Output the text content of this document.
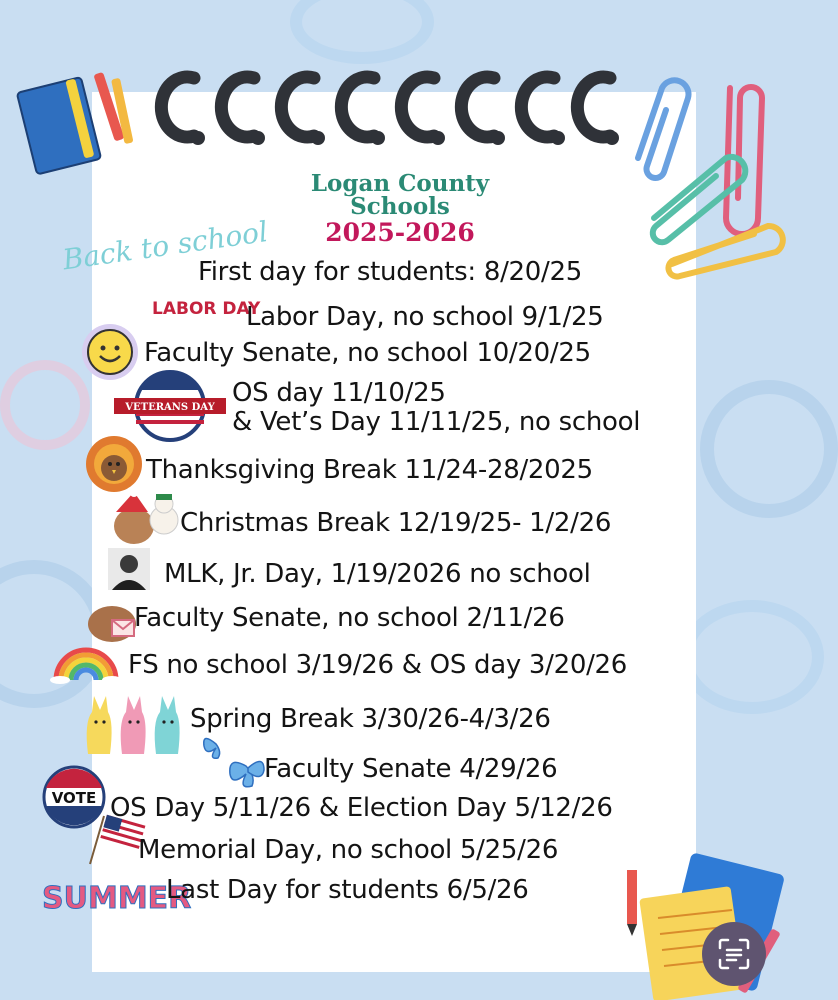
Logan County
Schools
2025-2026
Back to school
LABOR DAY
VETERANS DAY
VOTE
SUMMER
First day for students: 8/20/25
Labor Day, no school 9/1/25
Faculty Senate, no school 10/20/25
OS day 11/10/25
& Vet’s Day 11/11/25, no school
Thanksgiving Break 11/24-28/2025
Christmas Break 12/19/25- 1/2/26
MLK, Jr. Day, 1/19/2026 no school
Faculty Senate, no school 2/11/26
FS no school 3/19/26 & OS day 3/20/26
Spring Break 3/30/26-4/3/26
Faculty Senate 4/29/26
OS Day 5/11/26 & Election Day 5/12/26
Memorial Day, no school 5/25/26
Last Day for students 6/5/26
